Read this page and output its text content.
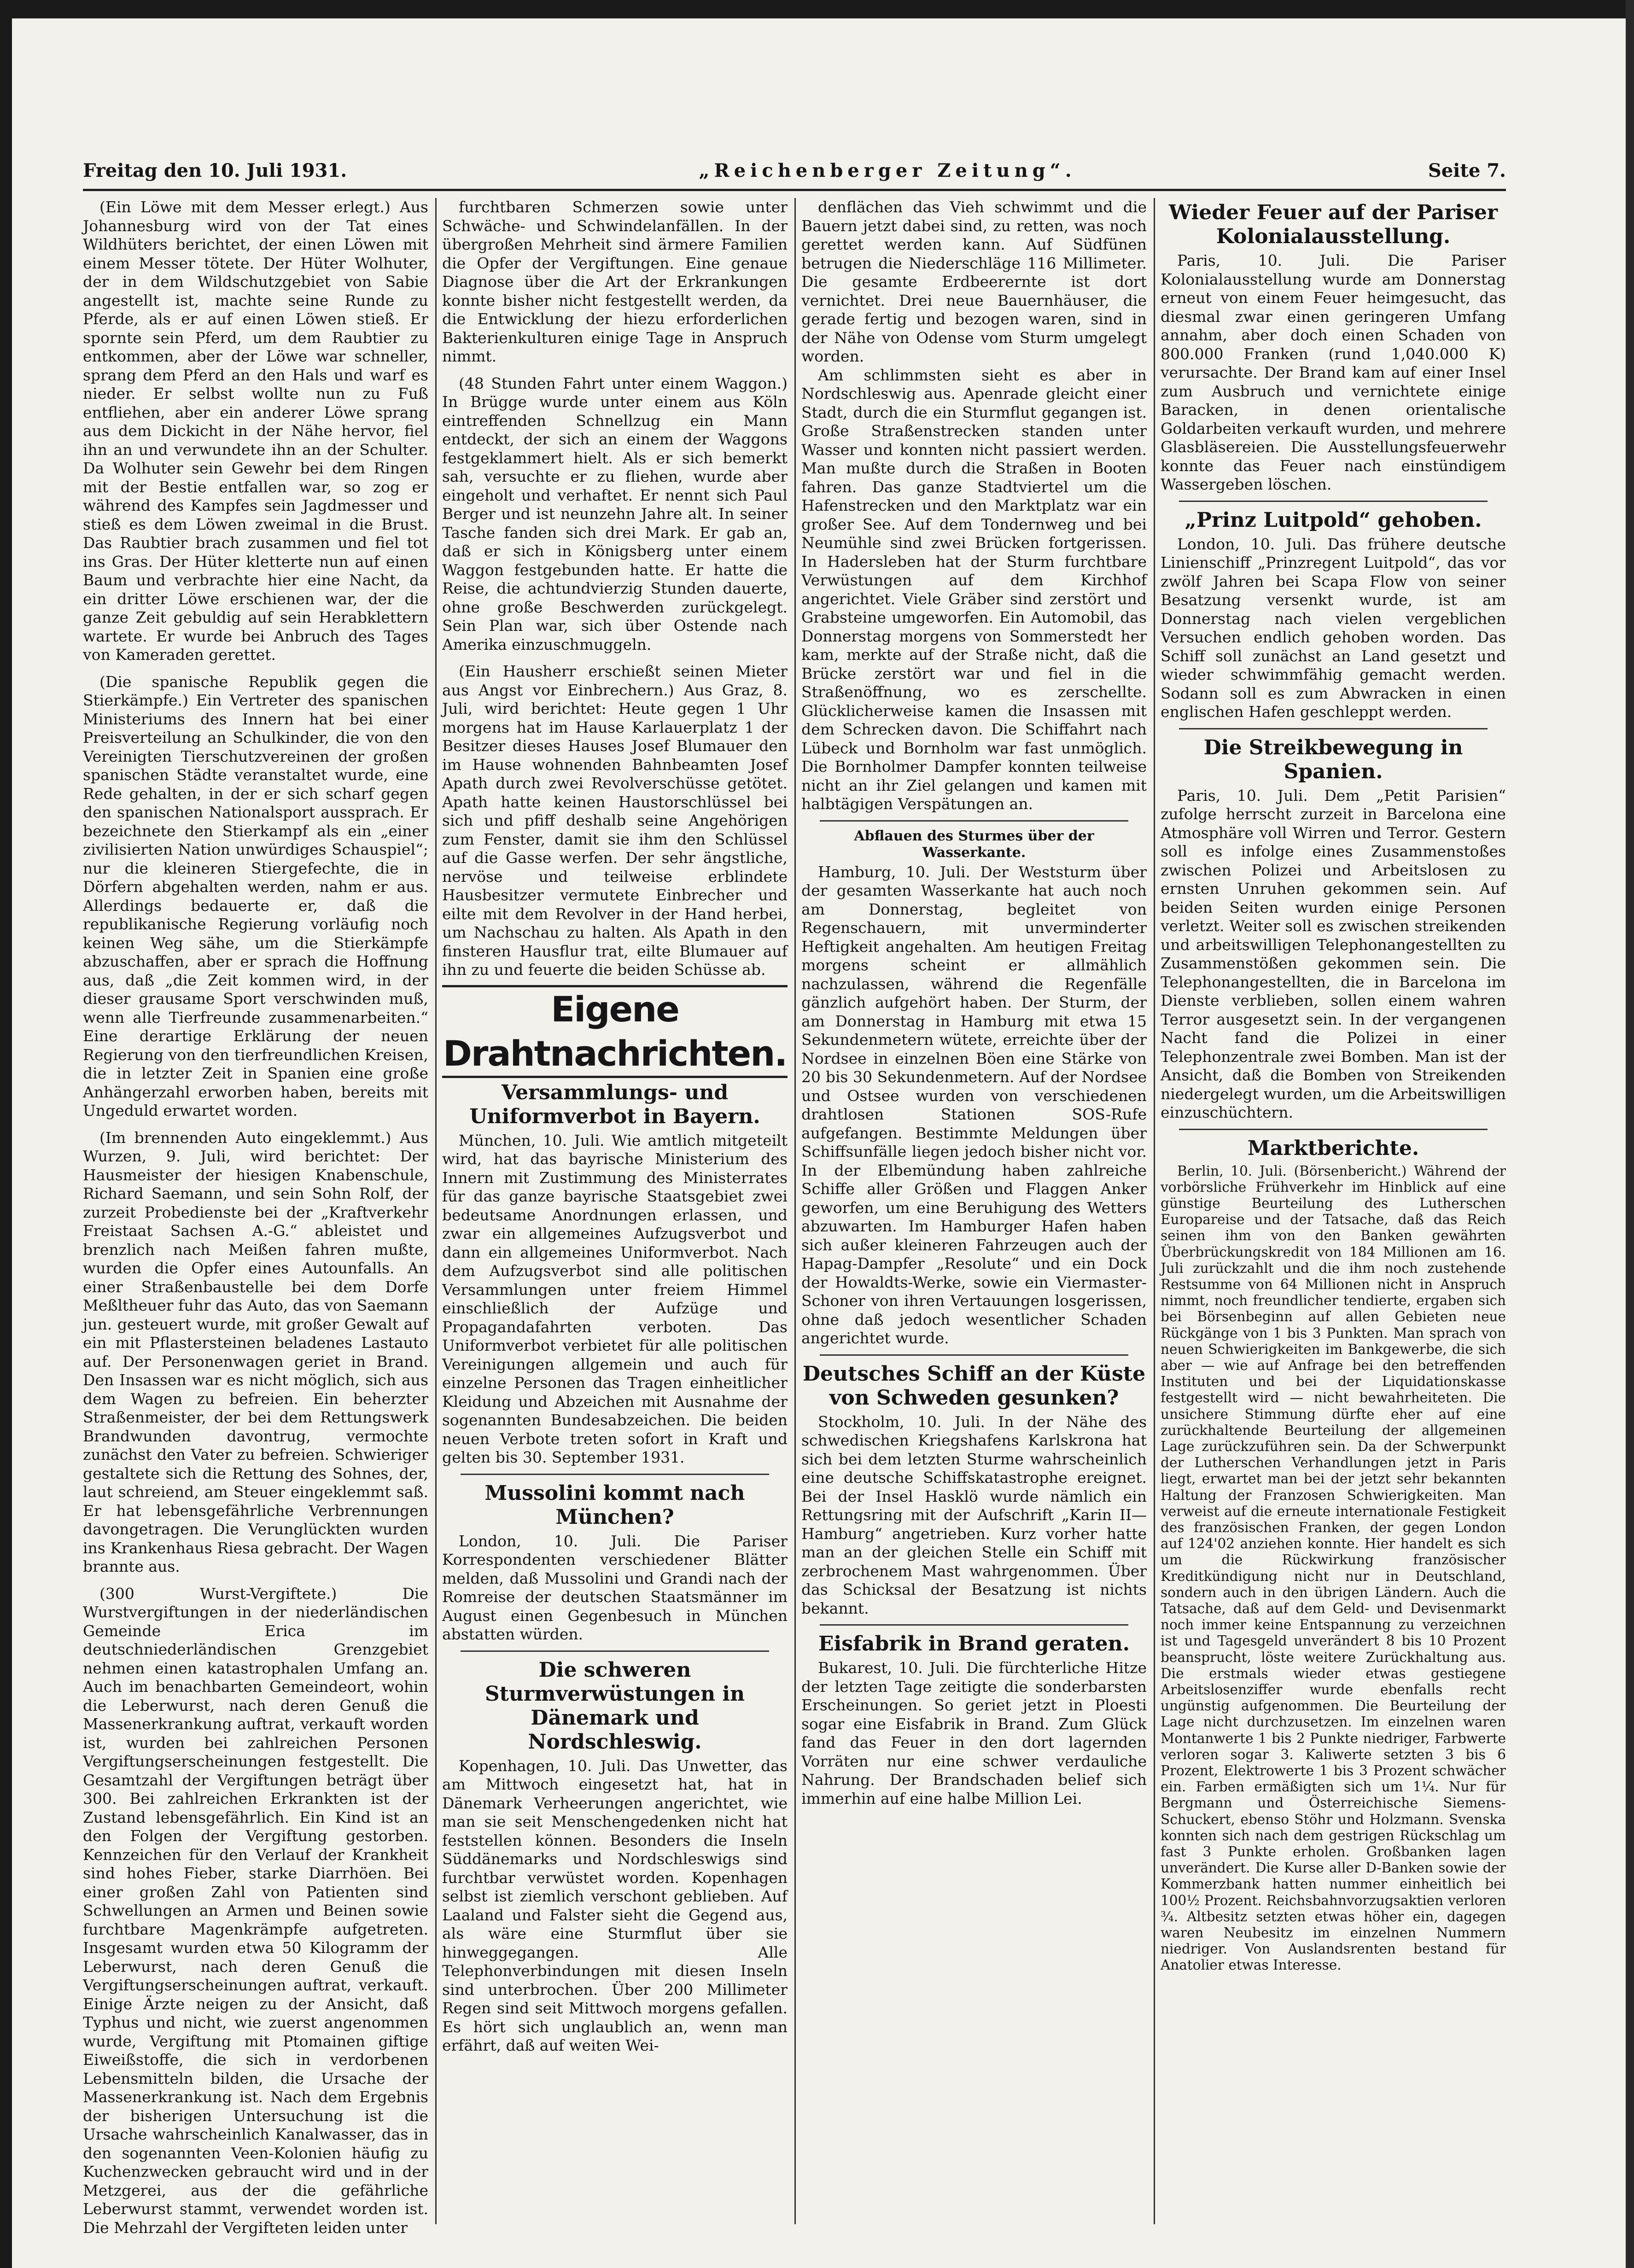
Freitag den 10. Juli 1931.	„Reichenberger Zeitung“.	Seite 7.

(Ein Löwe mit dem Messer erlegt.) Aus Johannesburg wird von der Tat eines Wildhüters berichtet, der einen Löwen mit einem Messer tötete. Der Hüter Wolhuter, der in dem Wildschutzgebiet von Sabie angestellt ist, machte seine Runde zu Pferde, als er auf einen Löwen stieß. Er spornte sein Pferd, um dem Raubtier zu entkommen, aber der Löwe war schneller, sprang dem Pferd an den Hals und warf es nieder. Er selbst wollte nun zu Fuß entfliehen, aber ein anderer Löwe sprang aus dem Dickicht in der Nähe hervor, fiel ihn an und verwundete ihn an der Schulter. Da Wolhuter sein Gewehr bei dem Ringen mit der Bestie entfallen war, so zog er während des Kampfes sein Jagdmesser und stieß es dem Löwen zweimal in die Brust. Das Raubtier brach zusammen und fiel tot ins Gras. Der Hüter kletterte nun auf einen Baum und verbrachte hier eine Nacht, da ein dritter Löwe erschienen war, der die ganze Zeit gebuldig auf sein Herabklettern wartete. Er wurde bei Anbruch des Tages von Kameraden gerettet.

(Die spanische Republik gegen die Stierkämpfe.) Ein Vertreter des spanischen Ministeriums des Innern hat bei einer Preisverteilung an Schulkinder, die von den Vereinigten Tierschutzvereinen der großen spanischen Städte veranstaltet wurde, eine Rede gehalten, in der er sich scharf gegen den spanischen Nationalsport aussprach. Er bezeichnete den Stierkampf als ein „einer zivilisierten Nation unwürdiges Schauspiel“; nur die kleineren Stiergefechte, die in Dörfern abgehalten werden, nahm er aus. Allerdings bedauerte er, daß die republikanische Regierung vorläufig noch keinen Weg sähe, um die Stierkämpfe abzuschaffen, aber er sprach die Hoffnung aus, daß „die Zeit kommen wird, in der dieser grausame Sport verschwinden muß, wenn alle Tierfreunde zusammenarbeiten.“ Eine derartige Erklärung der neuen Regierung von den tierfreundlichen Kreisen, die in letzter Zeit in Spanien eine große Anhängerzahl erworben haben, bereits mit Ungeduld erwartet worden.

(Im brennenden Auto eingeklemmt.) Aus Wurzen, 9. Juli, wird berichtet: Der Hausmeister der hiesigen Knabenschule, Richard Saemann, und sein Sohn Rolf, der zurzeit Probedienste bei der „Kraftverkehr Freistaat Sachsen A.-G.“ ableistet und brenzlich nach Meißen fahren mußte, wurden die Opfer eines Autounfalls. An einer Straßenbaustelle bei dem Dorfe Meßltheuer fuhr das Auto, das von Saemann jun. gesteuert wurde, mit großer Gewalt auf ein mit Pflastersteinen beladenes Lastauto auf. Der Personenwagen geriet in Brand. Den Insassen war es nicht möglich, sich aus dem Wagen zu befreien. Ein beherzter Straßenmeister, der bei dem Rettungswerk Brandwunden davontrug, vermochte zunächst den Vater zu befreien. Schwieriger gestaltete sich die Rettung des Sohnes, der, laut schreiend, am Steuer eingeklemmt saß. Er hat lebensgefährliche Verbrennungen davongetragen. Die Verunglückten wurden ins Krankenhaus Riesa gebracht. Der Wagen brannte aus.

(300 Wurst-Vergiftete.) Die Wurstvergiftungen in der niederländischen Gemeinde Erica im deutschniederländischen Grenzgebiet nehmen einen katastrophalen Umfang an. Auch im benachbarten Gemeindeort, wohin die Leberwurst, nach deren Genuß die Massenerkrankung auftrat, verkauft worden ist, wurden bei zahlreichen Personen Vergiftungserscheinungen festgestellt. Die Gesamtzahl der Vergiftungen beträgt über 300. Bei zahlreichen Erkrankten ist der Zustand lebensgefährlich. Ein Kind ist an den Folgen der Vergiftung gestorben. Kennzeichen für den Verlauf der Krankheit sind hohes Fieber, starke Diarrhöen. Bei einer großen Zahl von Patienten sind Schwellungen an Armen und Beinen sowie furchtbare Magenkrämpfe aufgetreten. Insgesamt wurden etwa 50 Kilogramm der Leberwurst, nach deren Genuß die Vergiftungserscheinungen auftrat, verkauft. Einige Ärzte neigen zu der Ansicht, daß Typhus und nicht, wie zuerst angenommen wurde, Vergiftung mit Ptomainen giftige Eiweißstoffe, die sich in verdorbenen Lebensmitteln bilden, die Ursache der Massenerkrankung ist. Nach dem Ergebnis der bisherigen Untersuchung ist die Ursache wahrscheinlich Kanalwasser, das in den sogenannten Veen-Kolonien häufig zu Kuchenzwecken gebraucht wird und in der Metzgerei, aus der die gefährliche Leberwurst stammt, verwendet worden ist. Die Mehrzahl der Vergifteten leiden unter

furchtbaren Schmerzen sowie unter Schwäche- und Schwindelanfällen. In der übergroßen Mehrheit sind ärmere Familien die Opfer der Vergiftungen. Eine genaue Diagnose über die Art der Erkrankungen konnte bisher nicht festgestellt werden, da die Entwicklung der hiezu erforderlichen Bakterienkulturen einige Tage in Anspruch nimmt.

(48 Stunden Fahrt unter einem Waggon.) In Brügge wurde unter einem aus Köln eintreffenden Schnellzug ein Mann entdeckt, der sich an einem der Waggons festgeklammert hielt. Als er sich bemerkt sah, versuchte er zu fliehen, wurde aber eingeholt und verhaftet. Er nennt sich Paul Berger und ist neunzehn Jahre alt. In seiner Tasche fanden sich drei Mark. Er gab an, daß er sich in Königsberg unter einem Waggon festgebunden hatte. Er hatte die Reise, die achtundvierzig Stunden dauerte, ohne große Beschwerden zurückgelegt. Sein Plan war, sich über Ostende nach Amerika einzuschmuggeln.

(Ein Hausherr erschießt seinen Mieter aus Angst vor Einbrechern.) Aus Graz, 8. Juli, wird berichtet: Heute gegen 1 Uhr morgens hat im Hause Karlauerplatz 1 der Besitzer dieses Hauses Josef Blumauer den im Hause wohnenden Bahnbeamten Josef Apath durch zwei Revolverschüsse getötet. Apath hatte keinen Haustorschlüssel bei sich und pfiff deshalb seine Angehörigen zum Fenster, damit sie ihm den Schlüssel auf die Gasse werfen. Der sehr ängstliche, nervöse und teilweise erblindete Hausbesitzer vermutete Einbrecher und eilte mit dem Revolver in der Hand herbei, um Nachschau zu halten. Als Apath in den finsteren Hausflur trat, eilte Blumauer auf ihn zu und feuerte die beiden Schüsse ab.

Eigene Drahtnachrichten.
Versammlungs- und Uniformverbot in Bayern.

München, 10. Juli. Wie amtlich mitgeteilt wird, hat das bayrische Ministerium des Innern mit Zustimmung des Ministerrates für das ganze bayrische Staatsgebiet zwei bedeutsame Anordnungen erlassen, und zwar ein allgemeines Aufzugsverbot und dann ein allgemeines Uniformverbot. Nach dem Aufzugsverbot sind alle politischen Versammlungen unter freiem Himmel einschließlich der Aufzüge und Propagandafahrten verboten. Das Uniformverbot verbietet für alle politischen Vereinigungen allgemein und auch für einzelne Personen das Tragen einheitlicher Kleidung und Abzeichen mit Ausnahme der sogenannten Bundesabzeichen. Die beiden neuen Verbote treten sofort in Kraft und gelten bis 30. September 1931.

Mussolini kommt nach München?

London, 10. Juli. Die Pariser Korrespondenten verschiedener Blätter melden, daß Mussolini und Grandi nach der Romreise der deutschen Staatsmänner im August einen Gegenbesuch in München abstatten würden.

Die schweren Sturmverwüstungen in Dänemark und Nordschleswig.

Kopenhagen, 10. Juli. Das Unwetter, das am Mittwoch eingesetzt hat, hat in Dänemark Verheerungen angerichtet, wie man sie seit Menschengedenken nicht hat feststellen können. Besonders die Inseln Süddänemarks und Nordschleswigs sind furchtbar verwüstet worden. Kopenhagen selbst ist ziemlich verschont geblieben. Auf Laaland und Falster sieht die Gegend aus, als wäre eine Sturmflut über sie hinweggegangen. Alle Telephonverbindungen mit diesen Inseln sind unterbrochen. Über 200 Millimeter Regen sind seit Mittwoch morgens gefallen. Es hört sich unglaublich an, wenn man erfährt, daß auf weiten Wei-

denflächen das Vieh schwimmt und die Bauern jetzt dabei sind, zu retten, was noch gerettet werden kann. Auf Südfünen betrugen die Niederschläge 116 Millimeter. Die gesamte Erdbeerernte ist dort vernichtet. Drei neue Bauernhäuser, die gerade fertig und bezogen waren, sind in der Nähe von Odense vom Sturm umgelegt worden.

Am schlimmsten sieht es aber in Nordschleswig aus. Apenrade gleicht einer Stadt, durch die ein Sturmflut gegangen ist. Große Straßenstrecken standen unter Wasser und konnten nicht passiert werden. Man mußte durch die Straßen in Booten fahren. Das ganze Stadtviertel um die Hafenstrecken und den Marktplatz war ein großer See. Auf dem Tondernweg und bei Neumühle sind zwei Brücken fortgerissen. In Hadersleben hat der Sturm furchtbare Verwüstungen auf dem Kirchhof angerichtet. Viele Gräber sind zerstört und Grabsteine umgeworfen. Ein Automobil, das Donnerstag morgens von Sommerstedt her kam, merkte auf der Straße nicht, daß die Brücke zerstört war und fiel in die Straßenöffnung, wo es zerschellte. Glücklicherweise kamen die Insassen mit dem Schrecken davon. Die Schiffahrt nach Lübeck und Bornholm war fast unmöglich. Die Bornholmer Dampfer konnten teilweise nicht an ihr Ziel gelangen und kamen mit halbtägigen Verspätungen an.

Abflauen des Sturmes über der Wasserkante.

Hamburg, 10. Juli. Der Weststurm über der gesamten Wasserkante hat auch noch am Donnerstag, begleitet von Regenschauern, mit unverminderter Heftigkeit angehalten. Am heutigen Freitag morgens scheint er allmählich nachzulassen, während die Regenfälle gänzlich aufgehört haben. Der Sturm, der am Donnerstag in Hamburg mit etwa 15 Sekundenmetern wütete, erreichte über der Nordsee in einzelnen Böen eine Stärke von 20 bis 30 Sekundenmetern. Auf der Nordsee und Ostsee wurden von verschiedenen drahtlosen Stationen SOS-Rufe aufgefangen. Bestimmte Meldungen über Schiffsunfälle liegen jedoch bisher nicht vor. In der Elbemündung haben zahlreiche Schiffe aller Größen und Flaggen Anker geworfen, um eine Beruhigung des Wetters abzuwarten. Im Hamburger Hafen haben sich außer kleineren Fahrzeugen auch der Hapag-Dampfer „Resolute“ und ein Dock der Howaldts-Werke, sowie ein Viermaster-Schoner von ihren Vertauungen losgerissen, ohne daß jedoch wesentlicher Schaden angerichtet wurde.

Deutsches Schiff an der Küste von Schweden gesunken?

Stockholm, 10. Juli. In der Nähe des schwedischen Kriegshafens Karlskrona hat sich bei dem letzten Sturme wahrscheinlich eine deutsche Schiffskatastrophe ereignet. Bei der Insel Hasklö wurde nämlich ein Rettungsring mit der Aufschrift „Karin II—Hamburg“ angetrieben. Kurz vorher hatte man an der gleichen Stelle ein Schiff mit zerbrochenem Mast wahrgenommen. Über das Schicksal der Besatzung ist nichts bekannt.

Eisfabrik in Brand geraten.

Bukarest, 10. Juli. Die fürchterliche Hitze der letzten Tage zeitigte die sonderbarsten Erscheinungen. So geriet jetzt in Ploesti sogar eine Eisfabrik in Brand. Zum Glück fand das Feuer in den dort lagernden Vorräten nur eine schwer verdauliche Nahrung. Der Brandschaden belief sich immerhin auf eine halbe Million Lei.

Wieder Feuer auf der Pariser Kolonialausstellung.

Paris, 10. Juli. Die Pariser Kolonialausstellung wurde am Donnerstag erneut von einem Feuer heimgesucht, das diesmal zwar einen geringeren Umfang annahm, aber doch einen Schaden von 800.000 Franken (rund 1,040.000 K) verursachte. Der Brand kam auf einer Insel zum Ausbruch und vernichtete einige Baracken, in denen orientalische Goldarbeiten verkauft wurden, und mehrere Glasbläsereien. Die Ausstellungsfeuerwehr konnte das Feuer nach einstündigem Wassergeben löschen.

„Prinz Luitpold“ gehoben.

London, 10. Juli. Das frühere deutsche Linienschiff „Prinzregent Luitpold“, das vor zwölf Jahren bei Scapa Flow von seiner Besatzung versenkt wurde, ist am Donnerstag nach vielen vergeblichen Versuchen endlich gehoben worden. Das Schiff soll zunächst an Land gesetzt und wieder schwimmfähig gemacht werden. Sodann soll es zum Abwracken in einen englischen Hafen geschleppt werden.

Die Streikbewegung in Spanien.

Paris, 10. Juli. Dem „Petit Parisien“ zufolge herrscht zurzeit in Barcelona eine Atmosphäre voll Wirren und Terror. Gestern soll es infolge eines Zusammenstoßes zwischen Polizei und Arbeitslosen zu ernsten Unruhen gekommen sein. Auf beiden Seiten wurden einige Personen verletzt. Weiter soll es zwischen streikenden und arbeitswilligen Telephonangestellten zu Zusammenstößen gekommen sein. Die Telephonangestellten, die in Barcelona im Dienste verblieben, sollen einem wahren Terror ausgesetzt sein. In der vergangenen Nacht fand die Polizei in einer Telephonzentrale zwei Bomben. Man ist der Ansicht, daß die Bomben von Streikenden niedergelegt wurden, um die Arbeitswilligen einzuschüchtern.

Marktberichte.

Berlin, 10. Juli. (Börsenbericht.) Während der vorbörsliche Frühverkehr im Hinblick auf eine günstige Beurteilung des Lutherschen Europareise und der Tatsache, daß das Reich seinen ihm von den Banken gewährten Überbrückungskredit von 184 Millionen am 16. Juli zurückzahlt und die ihm noch zustehende Restsumme von 64 Millionen nicht in Anspruch nimmt, noch freundlicher tendierte, ergaben sich bei Börsenbeginn auf allen Gebieten neue Rückgänge von 1 bis 3 Punkten. Man sprach von neuen Schwierigkeiten im Bankgewerbe, die sich aber — wie auf Anfrage bei den betreffenden Instituten und bei der Liquidationskasse festgestellt wird — nicht bewahrheiteten. Die unsichere Stimmung dürfte eher auf eine zurückhaltende Beurteilung der allgemeinen Lage zurückzuführen sein. Da der Schwerpunkt der Lutherschen Verhandlungen jetzt in Paris liegt, erwartet man bei der jetzt sehr bekannten Haltung der Franzosen Schwierigkeiten. Man verweist auf die erneute internationale Festigkeit des französischen Franken, der gegen London auf 124'02 anziehen konnte. Hier handelt es sich um die Rückwirkung französischer Kreditkündigung nicht nur in Deutschland, sondern auch in den übrigen Ländern. Auch die Tatsache, daß auf dem Geld- und Devisenmarkt noch immer keine Entspannung zu verzeichnen ist und Tagesgeld unverändert 8 bis 10 Prozent beansprucht, löste weitere Zurückhaltung aus. Die erstmals wieder etwas gestiegene Arbeitslosenziffer wurde ebenfalls recht ungünstig aufgenommen. Die Beurteilung der Lage nicht durchzusetzen. Im einzelnen waren Montanwerte 1 bis 2 Punkte niedriger, Farbwerte verloren sogar 3. Kaliwerte setzten 3 bis 6 Prozent, Elektrowerte 1 bis 3 Prozent schwächer ein. Farben ermäßigten sich um 1¼. Nur für Bergmann und Österreichische Siemens-Schuckert, ebenso Stöhr und Holzmann. Svenska konnten sich nach dem gestrigen Rückschlag um fast 3 Punkte erholen. Großbanken lagen unverändert. Die Kurse aller D-Banken sowie der Kommerzbank hatten nummer einheitlich bei 100½ Prozent. Reichsbahnvorzugsaktien verloren ¾. Altbesitz setzten etwas höher ein, dagegen waren Neubesitz im einzelnen Nummern niedriger. Von Auslandsrenten bestand für Anatolier etwas Interesse.
